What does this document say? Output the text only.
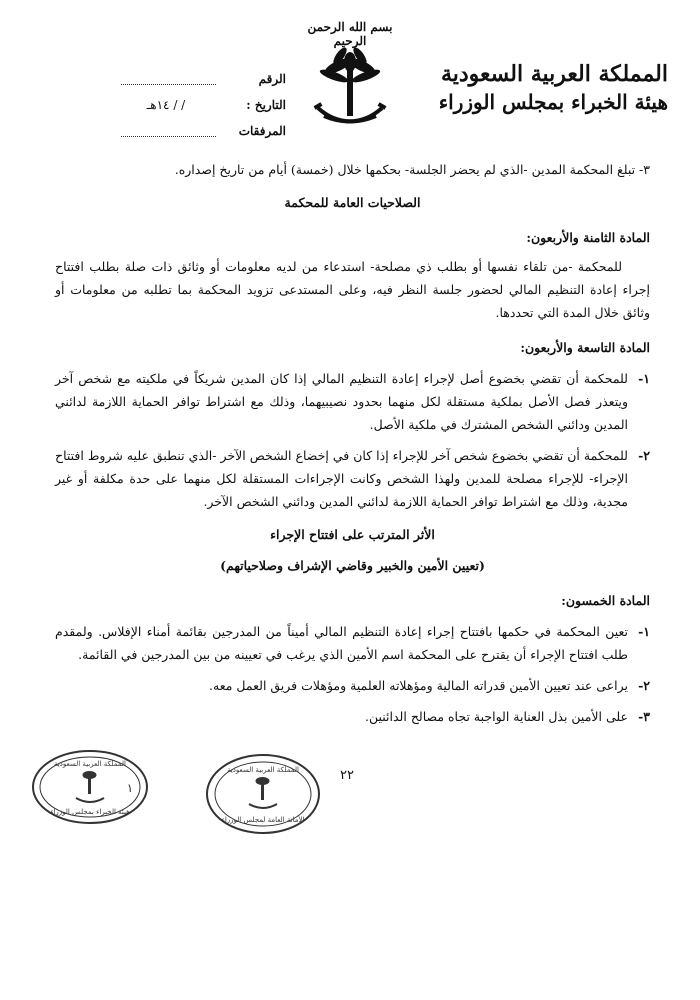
بسم الله الرحمن الرحيم
المملكة العربية السعودية
هيئة الخبراء بمجلس الوزراء
الرقم
التاريخ :
/ / ١٤هـ
المرفقات

٣- تبلغ المحكمة المدين -الذي لم يحضر الجلسة- بحكمها خلال (خمسة) أيام من تاريخ إصداره.

الصلاحيات العامة للمحكمة
المادة الثامنة والأربعون:

للمحكمة -من تلقاء نفسها أو بطلب ذي مصلحة- استدعاء من لديه معلومات أو وثائق ذات صلة بطلب افتتاح إجراء إعادة التنظيم المالي لحضور جلسة النظر فيه، وعلى المستدعى تزويد المحكمة بما تطلبه من معلومات أو وثائق خلال المدة التي تحددها.

المادة التاسعة والأربعون:
١-
للمحكمة أن تقضي بخضوع أصل لإجراء إعادة التنظيم المالي إذا كان المدين شريكاً في ملكيته مع شخص آخر ويتعذر فصل الأصل بملكية مستقلة لكل منهما بحدود نصيبيهما، وذلك مع اشتراط توافر الحماية اللازمة لدائني المدين ودائني الشخص المشترك في ملكية الأصل.
٢-
للمحكمة أن تقضي بخضوع شخص آخر للإجراء إذا كان في إخضاع الشخص الآخر -الذي تنطبق عليه شروط افتتاح الإجراء- للإجراء مصلحة للمدين ولهذا الشخص وكانت الإجراءات المستقلة لكل منهما على حدة مكلفة أو غير مجدية، وذلك مع اشتراط توافر الحماية اللازمة لدائني المدين ودائني الشخص الآخر.
الأثر المترتب على افتتاح الإجراء
(تعيين الأمين والخبير وقاضي الإشراف وصلاحياتهم)
المادة الخمسون:
١-
تعين المحكمة في حكمها بافتتاح إجراء إعادة التنظيم المالي أميناً من المدرجين بقائمة أمناء الإفلاس. ولمقدم طلب افتتاح الإجراء أن يقترح على المحكمة اسم الأمين الذي يرغب في تعيينه من بين المدرجين في القائمة.
٢-
يراعى عند تعيين الأمين قدراته المالية ومؤهلاته العلمية ومؤهلات فريق العمل معه.
٣-
على الأمين بذل العناية الواجبة تجاه مصالح الدائنين.
٢٢
المملكة العربية السعودية
هيئة الخبراء بمجلس الوزراء
١
المملكة العربية السعودية
الأمانة العامة لمجلس الوزراء
